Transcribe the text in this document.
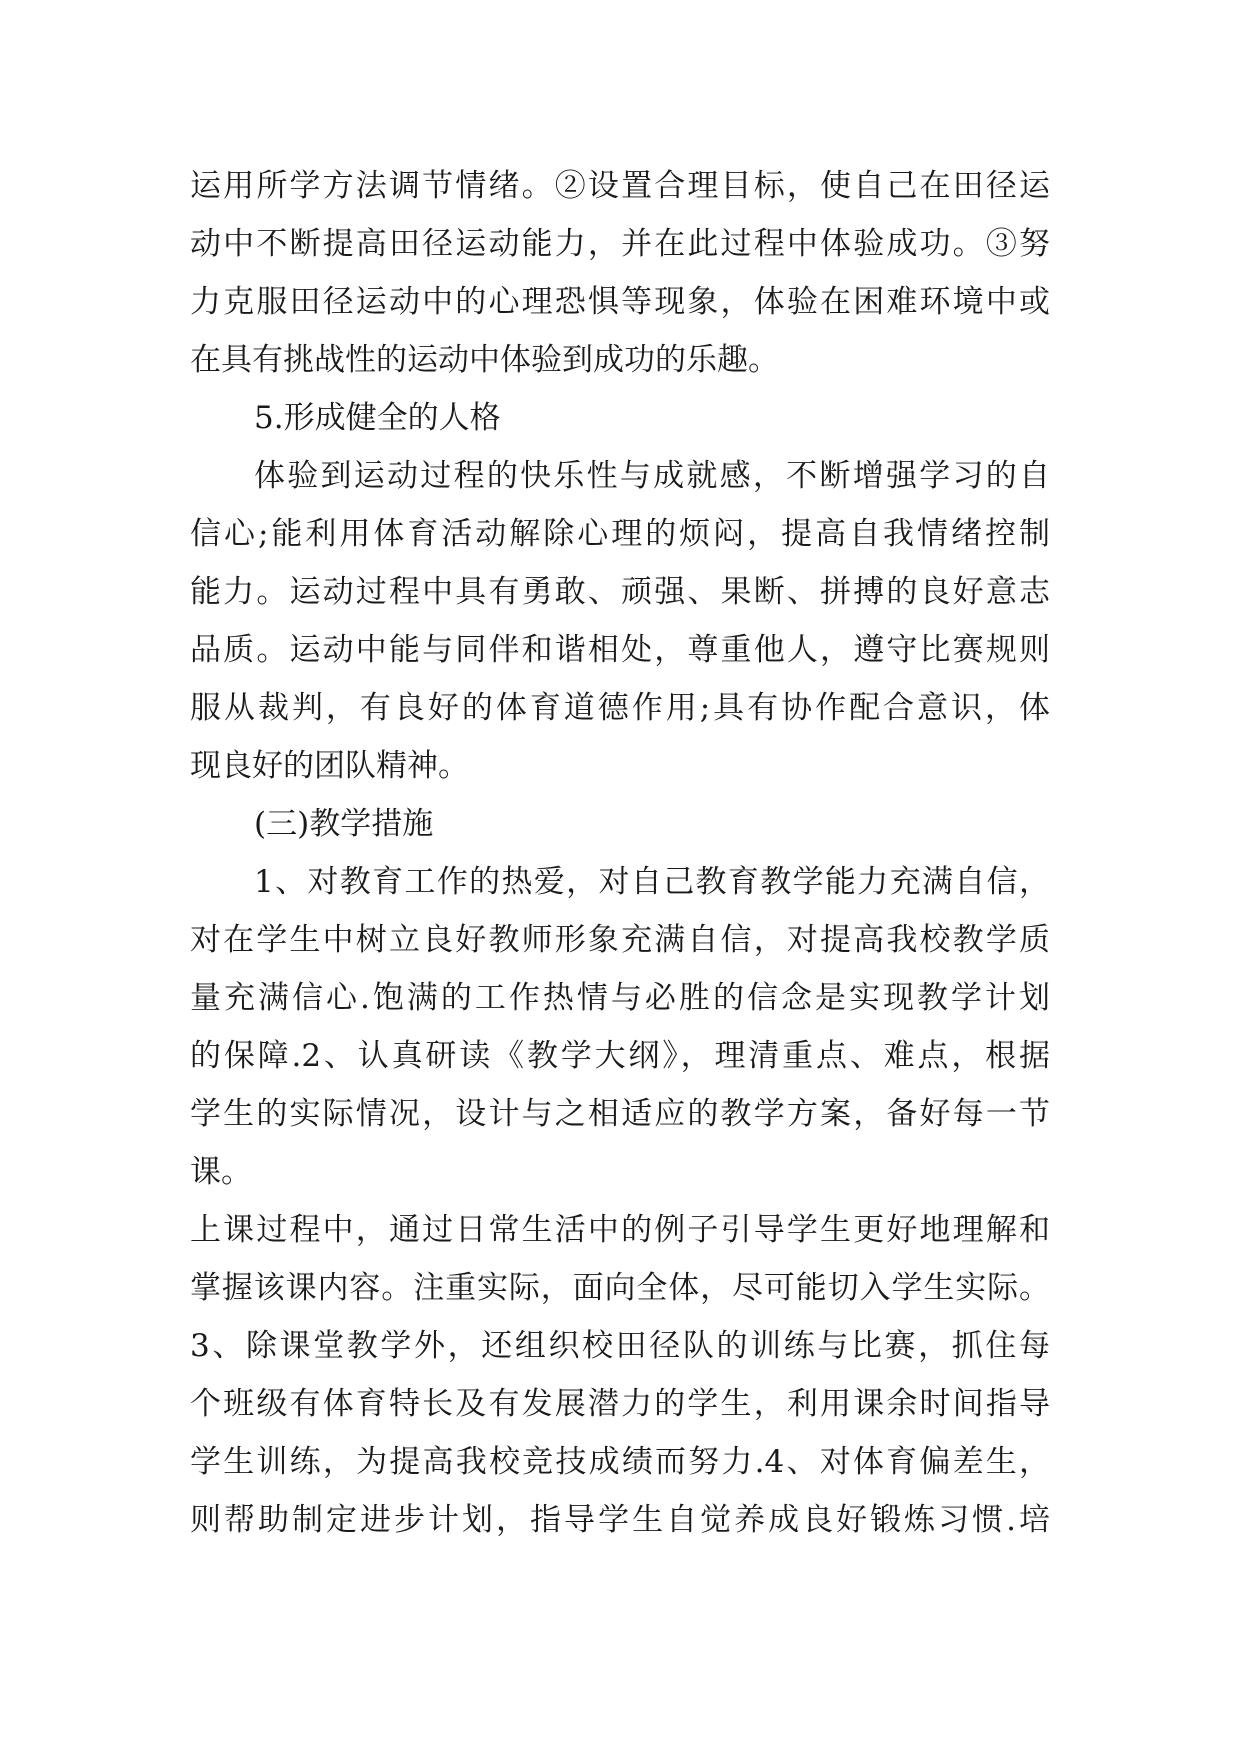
运用所学方法调节情绪。②设置合理目标，使自己在田径运
动中不断提高田径运动能力，并在此过程中体验成功。③努
力克服田径运动中的心理恐惧等现象，体验在困难环境中或
在具有挑战性的运动中体验到成功的乐趣。
5.形成健全的人格
体验到运动过程的快乐性与成就感，不断增强学习的自
信心;能利用体育活动解除心理的烦闷，提高自我情绪控制
能力。运动过程中具有勇敢、顽强、果断、拼搏的良好意志
品质。运动中能与同伴和谐相处，尊重他人，遵守比赛规则
服从裁判，有良好的体育道德作用;具有协作配合意识，体
现良好的团队精神。
(三)教学措施
1、对教育工作的热爱，对自己教育教学能力充满自信，
对在学生中树立良好教师形象充满自信，对提高我校教学质
量充满信心.饱满的工作热情与必胜的信念是实现教学计划
的保障.2、认真研读《教学大纲》，理清重点、难点，根据
学生的实际情况，设计与之相适应的教学方案，备好每一节
课。
上课过程中，通过日常生活中的例子引导学生更好地理解和
掌握该课内容。注重实际，面向全体，尽可能切入学生实际。
3、除课堂教学外，还组织校田径队的训练与比赛，抓住每
个班级有体育特长及有发展潜力的学生，利用课余时间指导
学生训练，为提高我校竞技成绩而努力.4、对体育偏差生，
则帮助制定进步计划，指导学生自觉养成良好锻炼习惯.培
